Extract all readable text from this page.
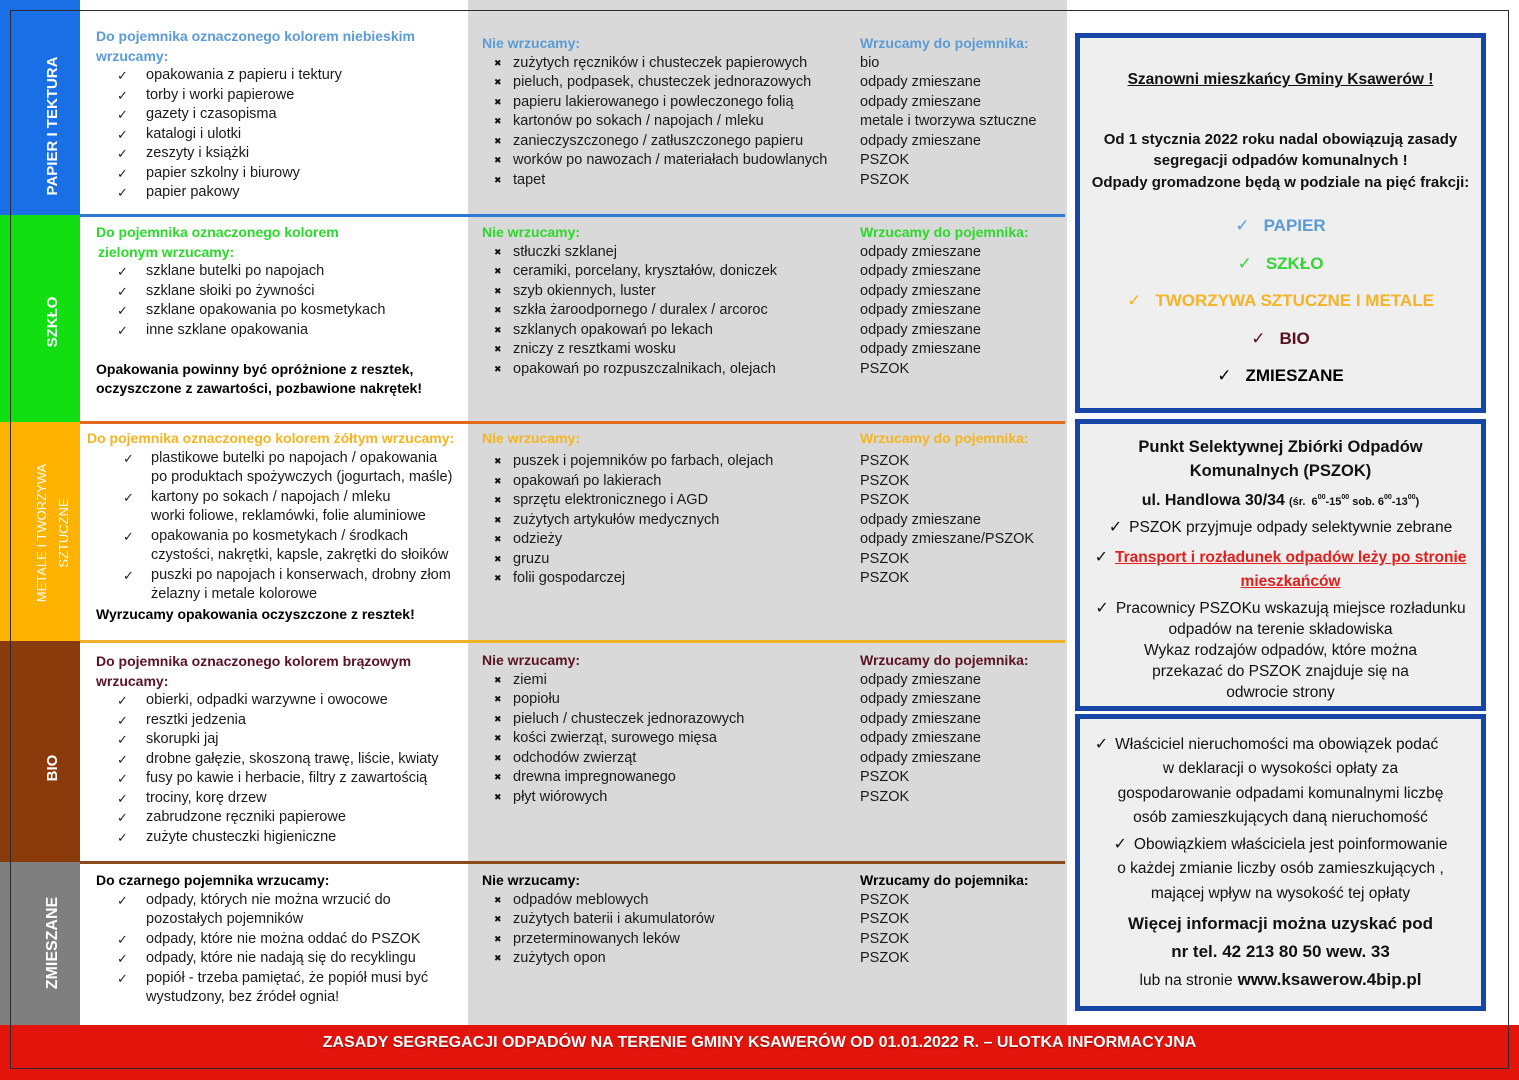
PAPIER I TEKTURA
SZKŁO
METALE I TWORZYWA SZTUCZNE
BIO
ZMIESZANE
Do pojemnika oznaczonego kolorem niebieskim
wrzucamy:
✓
opakowania z papieru i tektury
✓
torby i worki papierowe
✓
gazety i czasopisma
✓
katalogi i ulotki
✓
zeszyty i książki
✓
papier szkolny i biurowy
✓
papier pakowy
Nie wrzucamy:	Wrzucamy do pojemnika:
✖
zużytych ręczników i chusteczek papierowych	bio
✖
pieluch, podpasek, chusteczek jednorazowych	odpady zmieszane
✖
papieru lakierowanego i powleczonego folią	odpady zmieszane
✖
kartonów po sokach / napojach / mleku	metale i tworzywa sztuczne
✖
zanieczyszczonego / zatłuszczonego papieru	odpady zmieszane
✖
worków po nawozach / materiałach budowlanych PSZOK
✖
tapet	PSZOK
Do pojemnika oznaczonego kolorem
zielonym wrzucamy:
✓
szklane butelki po napojach
✓
szklane słoiki po żywności
✓
szklane opakowania po kosmetykach
✓
inne szklane opakowania
Opakowania powinny być opróżnione z resztek,
oczyszczone z zawartości, pozbawione nakrętek!
Nie wrzucamy:	Wrzucamy do pojemnika:
✖
stłuczki szklanej	odpady zmieszane
✖
ceramiki, porcelany, kryształów, doniczek	odpady zmieszane
✖
szyb okiennych, luster	odpady zmieszane
✖
szkła żaroodpornego / duralex / arcoroc	odpady zmieszane
✖
szklanych opakowań po lekach	odpady zmieszane
✖
zniczy z resztkami wosku	odpady zmieszane
✖
opakowań po rozpuszczalnikach, olejach	PSZOK
Do pojemnika oznaczonego kolorem żółtym wrzucamy:
✓
plastikowe butelki po napojach / opakowania
po produktach spożywczych (jogurtach, maśle)
✓
kartony po sokach / napojach / mleku
worki foliowe, reklamówki, folie aluminiowe
✓
opakowania po kosmetykach / środkach
czystości, nakrętki, kapsle, zakrętki do słoików
✓
puszki po napojach i konserwach, drobny złom
żelazny i metale kolorowe
Wyrzucamy opakowania oczyszczone z resztek!
Nie wrzucamy:	Wrzucamy do pojemnika:
✖
puszek i pojemników po farbach, olejach	PSZOK
✖
opakowań po lakierach	PSZOK
✖
sprzętu elektronicznego i AGD	PSZOK
✖
zużytych artykułów medycznych	odpady zmieszane
✖
odzieży	odpady zmieszane/PSZOK
✖
gruzu	PSZOK
✖
folii gospodarczej	PSZOK
Do pojemnika oznaczonego kolorem brązowym
wrzucamy:
✓
obierki, odpadki warzywne i owocowe
✓
resztki jedzenia
✓
skorupki jaj
✓
drobne gałęzie, skoszoną trawę, liście, kwiaty
✓
fusy po kawie i herbacie, filtry z zawartością
✓
trociny, korę drzew
✓
zabrudzone ręczniki papierowe
✓
zużyte chusteczki higieniczne
Nie wrzucamy:	Wrzucamy do pojemnika:
✖
ziemi	odpady zmieszane
✖
popiołu	odpady zmieszane
✖
pieluch / chusteczek jednorazowych	odpady zmieszane
✖
kości zwierząt, surowego mięsa	odpady zmieszane
✖
odchodów zwierząt	odpady zmieszane
✖
drewna impregnowanego	PSZOK
✖
płyt wiórowych	PSZOK
Do czarnego pojemnika wrzucamy:
✓
odpady, których nie można wrzucić do
pozostałych pojemników
✓
odpady, które nie można oddać do PSZOK
✓
odpady, które nie nadają się do recyklingu
✓
popiół - trzeba pamiętać, że popiół musi być
wystudzony, bez źródeł ognia!
Nie wrzucamy:	Wrzucamy do pojemnika:
✖
odpadów meblowych	PSZOK
✖
zużytych baterii i akumulatorów	PSZOK
✖
przeterminowanych leków	PSZOK
✖
zużytych opon	PSZOK
Szanowni mieszkańcy Gminy Ksawerów !
Od 1 stycznia 2022 roku nadal obowiązują zasady
segregacji odpadów komunalnych !
Odpady gromadzone będą w podziale na pięć frakcji:
✓ PAPIER
✓ SZKŁO
✓ TWORZYWA SZTUCZNE I METALE
✓ BIO
✓ ZMIESZANE
Punkt Selektywnej Zbiórki Odpadów
Komunalnych (PSZOK)
ul. Handlowa 30/34 (śr.  $6^{00}-15^{00}$ sob. $6^{00}-13^{00}$)
✓ PSZOK przyjmuje odpady selektywnie zebrane
✓ Transport i rozładunek odpadów leży po stronie
mieszkańców
✓ Pracownicy PSZOKu wskazują miejsce rozładunku
odpadów na terenie składowiska
Wykaz rodzajów odpadów, które można
przekazać do PSZOK znajduje się na
odwrocie strony
✓ Właściciel nieruchomości ma obowiązek podać
w deklaracji o wysokości opłaty za
gospodarowanie odpadami komunalnymi liczbę
osób zamieszkujących daną nieruchomość
✓ Obowiązkiem właściciela jest poinformowanie
o każdej zmianie liczby osób zamieszkujących ,
mającej wpływ na wysokość tej opłaty
Więcej informacji można uzyskać pod
nr tel. 42 213 80 50 wew. 33
lub na stronie www.ksawerow.4bip.pl
ZASADY SEGREGACJI ODPADÓW NA TERENIE GMINY KSAWERÓW OD 01.01.2022 R. – ULOTKA INFORMACYJNA
